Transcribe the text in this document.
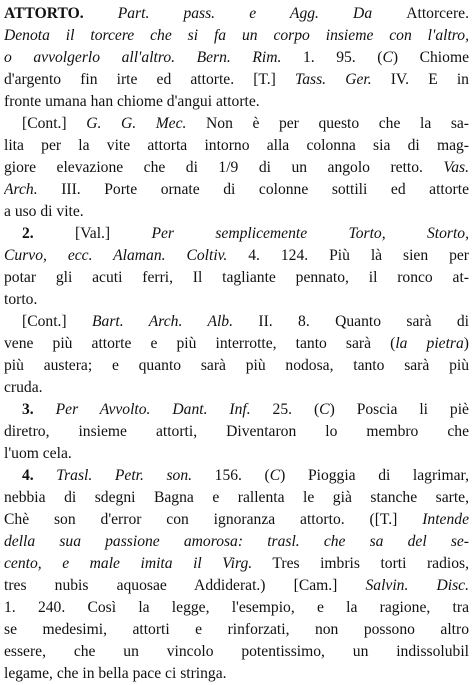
ATTORTO. Part. pass. e Agg. Da Attorcere.
Denota il torcere che si fa un corpo insieme con l'altro,
o avvolgerlo all'altro. Bern. Rim. 1. 95. (C) Chiome
d'argento fin irte ed attorte. [T.] Tass. Ger. IV. E in
fronte umana han chiome d'angui attorte.
[Cont.] G. G. Mec. Non è per questo che la sa-
lita per la vite attorta intorno alla colonna sia di mag-
giore elevazione che di 1/9 di un angolo retto. Vas.
Arch. III. Porte ornate di colonne sottili ed attorte
a uso di vite.
2. [Val.] Per semplicemente Torto, Storto,
Curvo, ecc. Alaman. Coltiv. 4. 124. Più là sien per
potar gli acuti ferri, Il tagliante pennato, il ronco at-
torto.
[Cont.] Bart. Arch. Alb. II. 8. Quanto sarà di
vene più attorte e più interrotte, tanto sarà (la pietra)
più austera; e quanto sarà più nodosa, tanto sarà più
cruda.
3. Per Avvolto. Dant. Inf. 25. (C) Poscia li piè
diretro, insieme attorti, Diventaron lo membro che
l'uom cela.
4. Trasl. Petr. son. 156. (C) Pioggia di lagrimar,
nebbia di sdegni Bagna e rallenta le già stanche sarte,
Chè son d'error con ignoranza attorto. ([T.] Intende
della sua passione amorosa: trasl. che sa del se-
cento, e male imita il Virg. Tres imbris torti radios,
tres nubis aquosae Addiderat.) [Cam.] Salvin. Disc.
1. 240. Così la legge, l'esempio, e la ragione, tra
se medesimi, attorti e rinforzati, non possono altro
essere, che un vincolo potentissimo, un indissolubil
legame, che in bella pace ci stringa.
